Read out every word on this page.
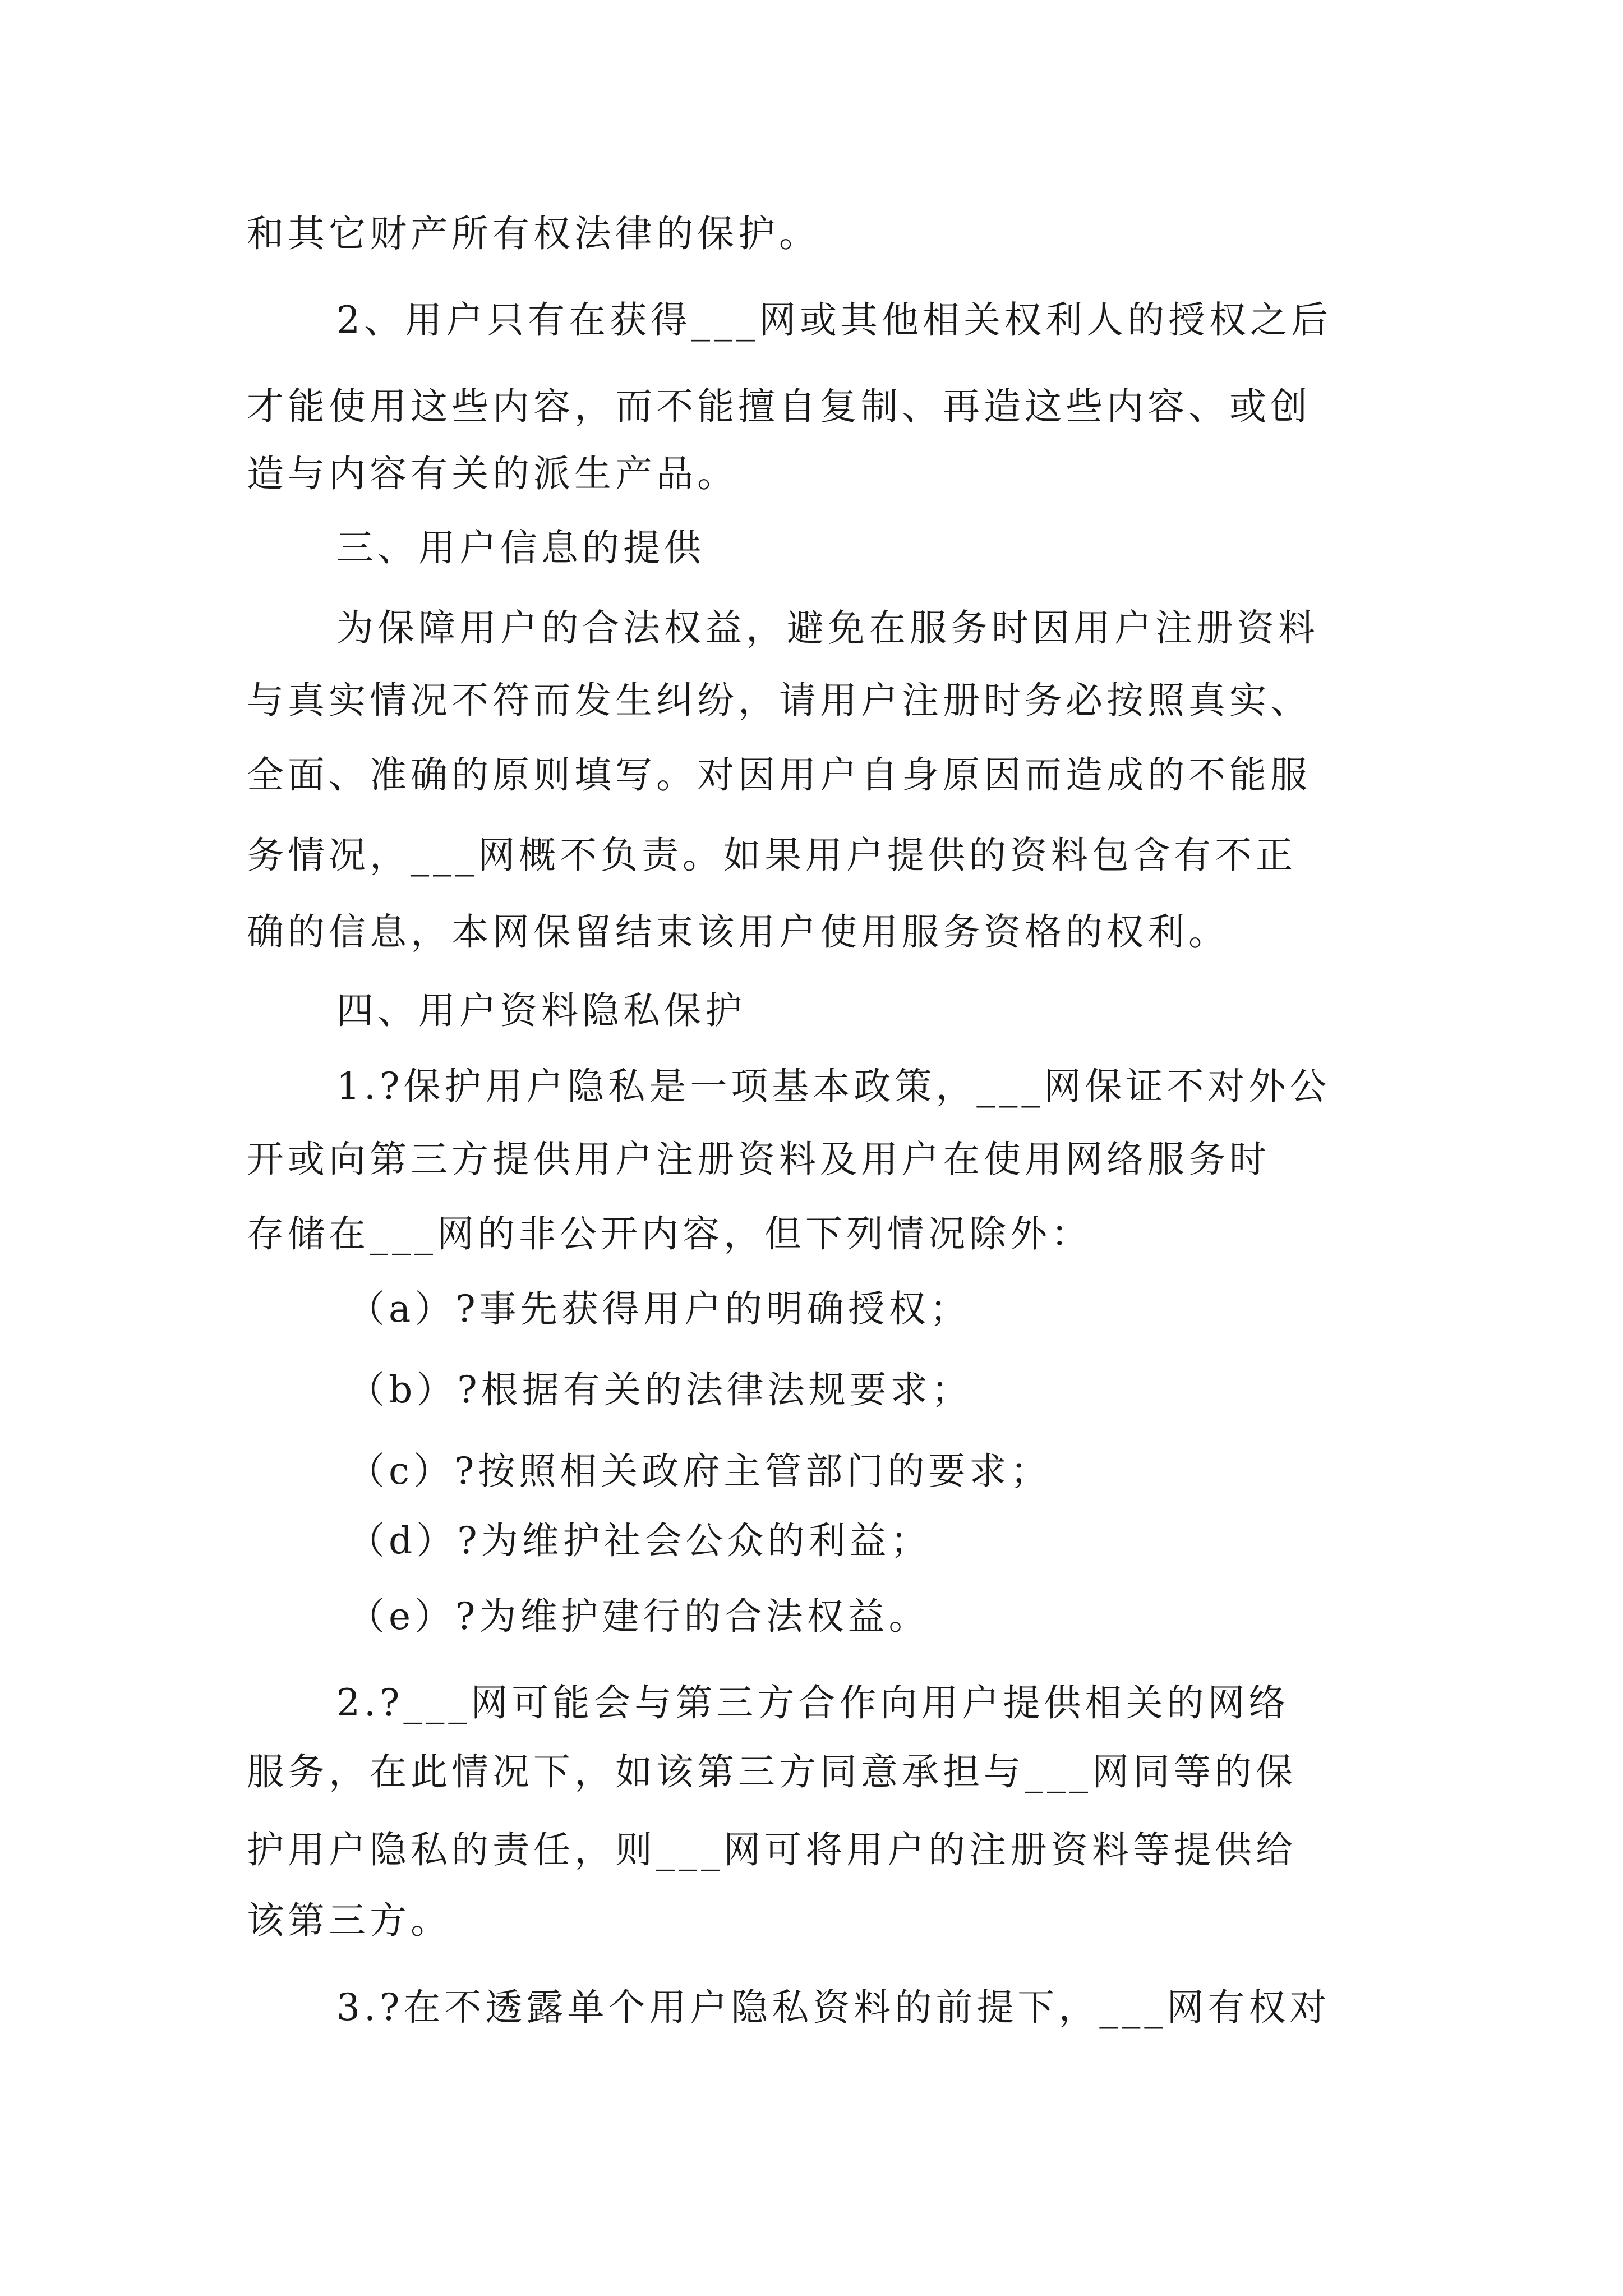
和其它财产所有权法律的保护。
2、用户只有在获得___网或其他相关权利人的授权之后
才能使用这些内容，而不能擅自复制、再造这些内容、或创
造与内容有关的派生产品。
三、用户信息的提供
为保障用户的合法权益，避免在服务时因用户注册资料
与真实情况不符而发生纠纷，请用户注册时务必按照真实、
全面、准确的原则填写。对因用户自身原因而造成的不能服
务情况，___网概不负责。如果用户提供的资料包含有不正
确的信息，本网保留结束该用户使用服务资格的权利。
四、用户资料隐私保护
1.?保护用户隐私是一项基本政策，___网保证不对外公
开或向第三方提供用户注册资料及用户在使用网络服务时
存储在___网的非公开内容，但下列情况除外：
（a）?事先获得用户的明确授权；
（b）?根据有关的法律法规要求；
（c）?按照相关政府主管部门的要求；
（d）?为维护社会公众的利益；
（e）?为维护建行的合法权益。
2.?___网可能会与第三方合作向用户提供相关的网络
服务，在此情况下，如该第三方同意承担与___网同等的保
护用户隐私的责任，则___网可将用户的注册资料等提供给
该第三方。
3.?在不透露单个用户隐私资料的前提下，___网有权对
